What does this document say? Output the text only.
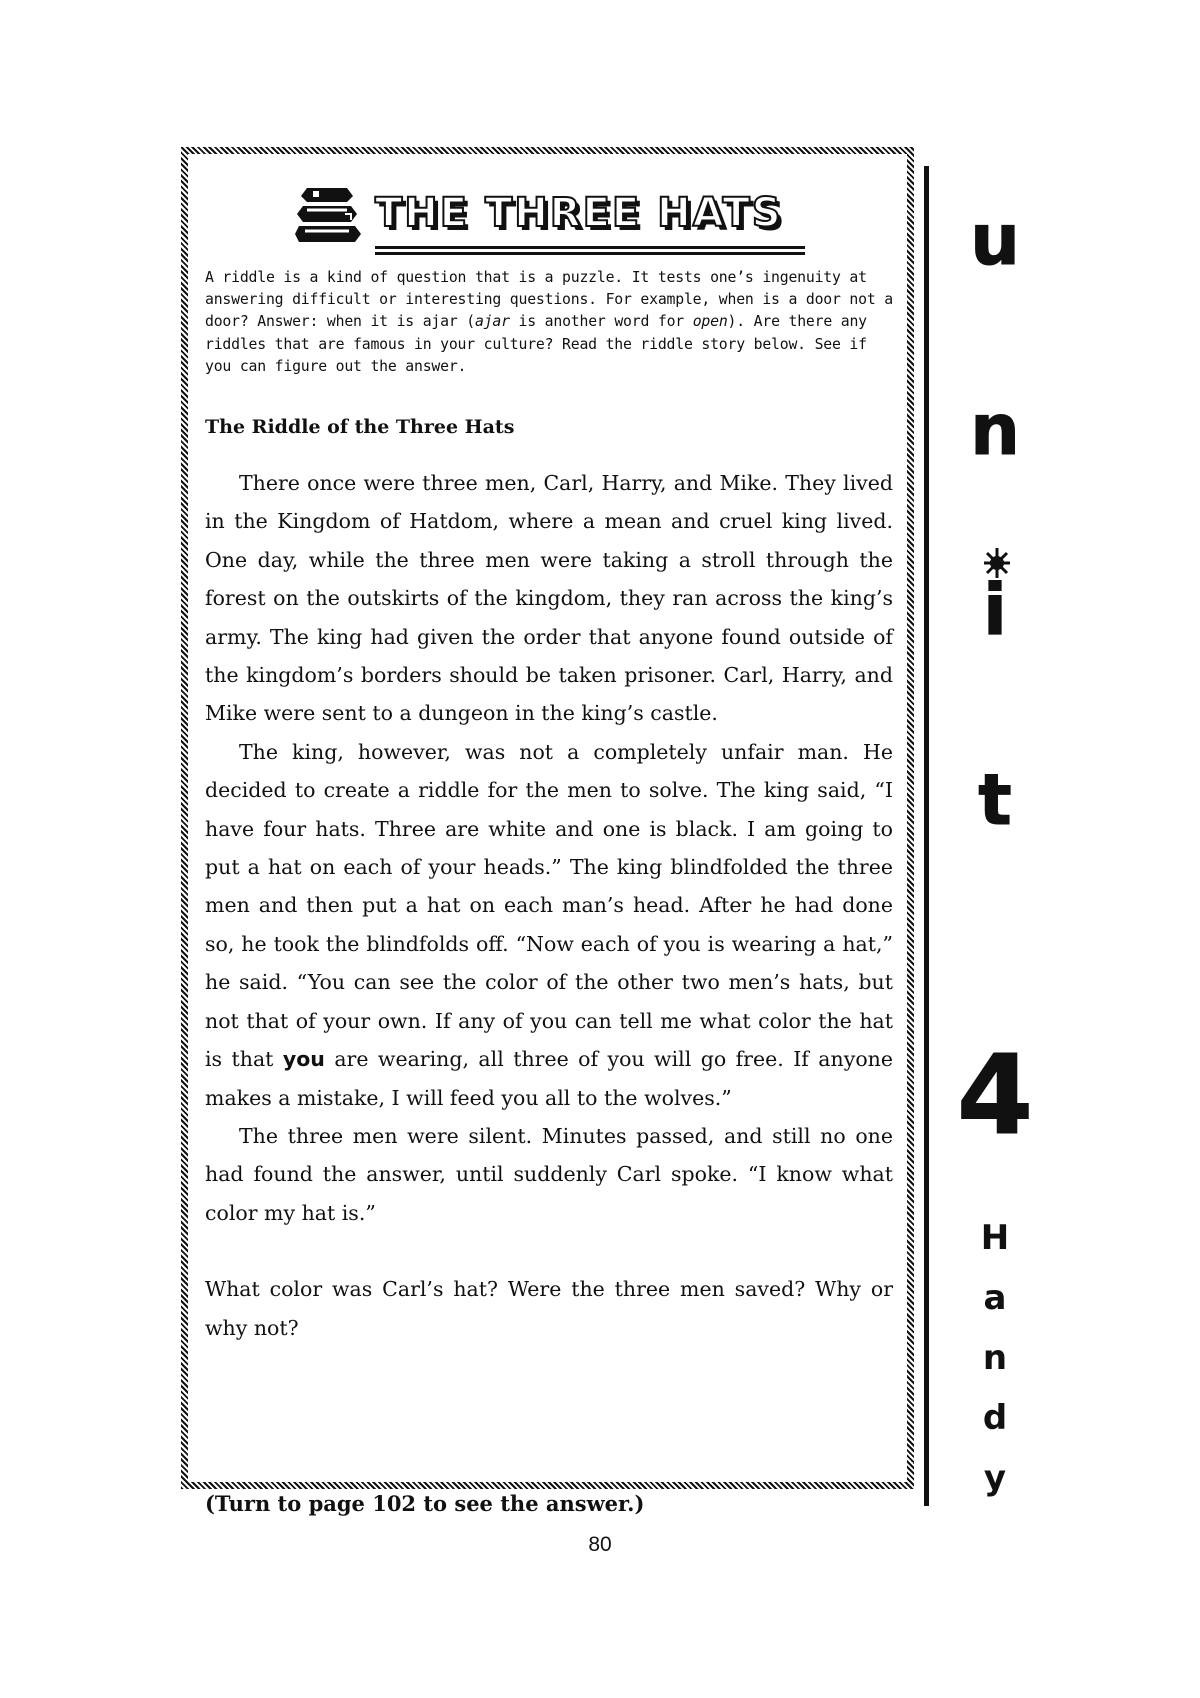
THE THREE HATS

A riddle is a kind of question that is a puzzle. It tests one’s ingenuity at answering difficult or interesting questions. For example, when is a door not a door? Answer: when it is ajar (ajar is another word for open). Are there any riddles that are famous in your culture? Read the riddle story below. See if you can figure out the answer.

The Riddle of the Three Hats

There once were three men, Carl, Harry, and Mike. They lived in the Kingdom of Hatdom, where a mean and cruel king lived. One day, while the three men were taking a stroll through the forest on the outskirts of the kingdom, they ran across the king’s army. The king had given the order that anyone found outside of the kingdom’s borders should be taken prisoner. Carl, Harry, and Mike were sent to a dungeon in the king’s castle.

The king, however, was not a completely unfair man. He decided to create a riddle for the men to solve. The king said, “I have four hats. Three are white and one is black. I am going to put a hat on each of your heads.” The king blindfolded the three men and then put a hat on each man’s head. After he had done so, he took the blindfolds off. “Now each of you is wearing a hat,” he said. “You can see the color of the other two men’s hats, but not that of your own. If any of you can tell me what color the hat is that you are wearing, all three of you will go free. If anyone makes a mistake, I will feed you all to the wolves.”

The three men were silent. Minutes passed, and still no one had found the answer, until suddenly Carl spoke. “I know what color my hat is.”

What color was Carl’s hat? Were the three men saved? Why or why not?

(Turn to page 102 to see the answer.)
80
u
n
i
t
4
H
a
n
d
y
